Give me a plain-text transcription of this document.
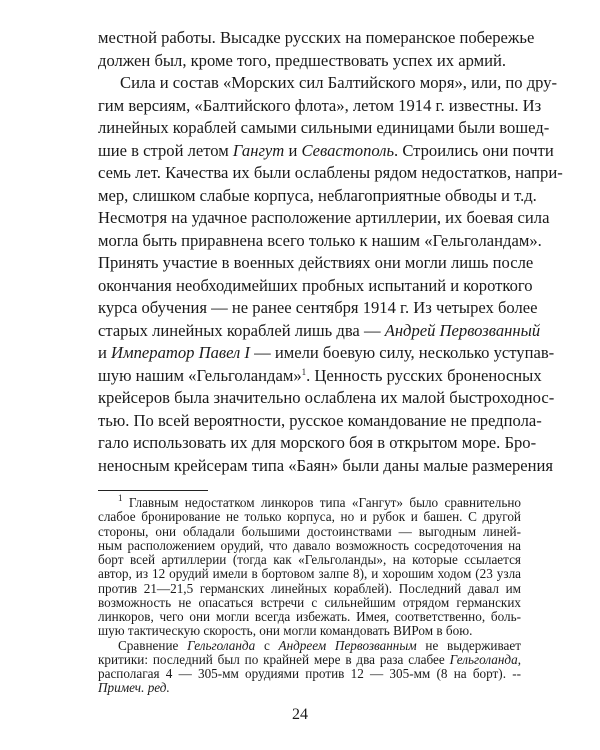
местной работы. Высадке русских на померанское побережье
должен был, кроме того, предшествовать успех их армий.
Сила и состав «Морских сил Балтийского моря», или, по дру-
гим версиям, «Балтийского флота», летом 1914 г. известны. Из
линейных кораблей самыми сильными единицами были вошед-
шие в строй летом Гангут и Севастополь. Строились они почти
семь лет. Качества их были ослаблены рядом недостатков, напри-
мер, слишком слабые корпуса, неблагоприятные обводы и т.д.
Несмотря на удачное расположение артиллерии, их боевая сила
могла быть приравнена всего только к нашим «Гельголандам».
Принять участие в военных действиях они могли лишь после
окончания необходимейших пробных испытаний и короткого
курса обучения — не ранее сентября 1914 г. Из четырех более
старых линейных кораблей лишь два — Андрей Первозванный
и Император Павел I — имели боевую силу, несколько уступав-
шую нашим «Гельголандам»$^1$. Ценность русских броненосных
крейсеров была значительно ослаблена их малой быстроходнос-
тью. По всей вероятности, русское командование не предпола-
гало использовать их для морского боя в открытом море. Бро-
неносным крейсерам типа «Баян» были даны малые размерения
$^1$ Главным недостатком линкоров типа «Гангут» было сравнительно
слабое бронирование не только корпуса, но и рубок и башен. С другой
стороны, они обладали большими достоинствами — выгодным линей-
ным расположением орудий, что давало возможность сосредоточения на
борт всей артиллерии (тогда как «Гельголанды», на которые ссылается
автор, из 12 орудий имели в бортовом залпе 8), и хорошим ходом (23 узла
против 21—21,5 германских линейных кораблей). Последний давал им
возможность не опасаться встречи с сильнейшим отрядом германских
линкоров, чего они могли всегда избежать. Имея, соответственно, боль-
шую тактическую скорость, они могли командовать ВИРом в бою.
Сравнение Гельголанда с Андреем Первозванным не выдерживает
критики: последний был по крайней мере в два раза слабее Гельголанда,
располагая 4 — 305-мм орудиями против 12 — 305-мм (8 на борт). --
Примеч. ред.
24
